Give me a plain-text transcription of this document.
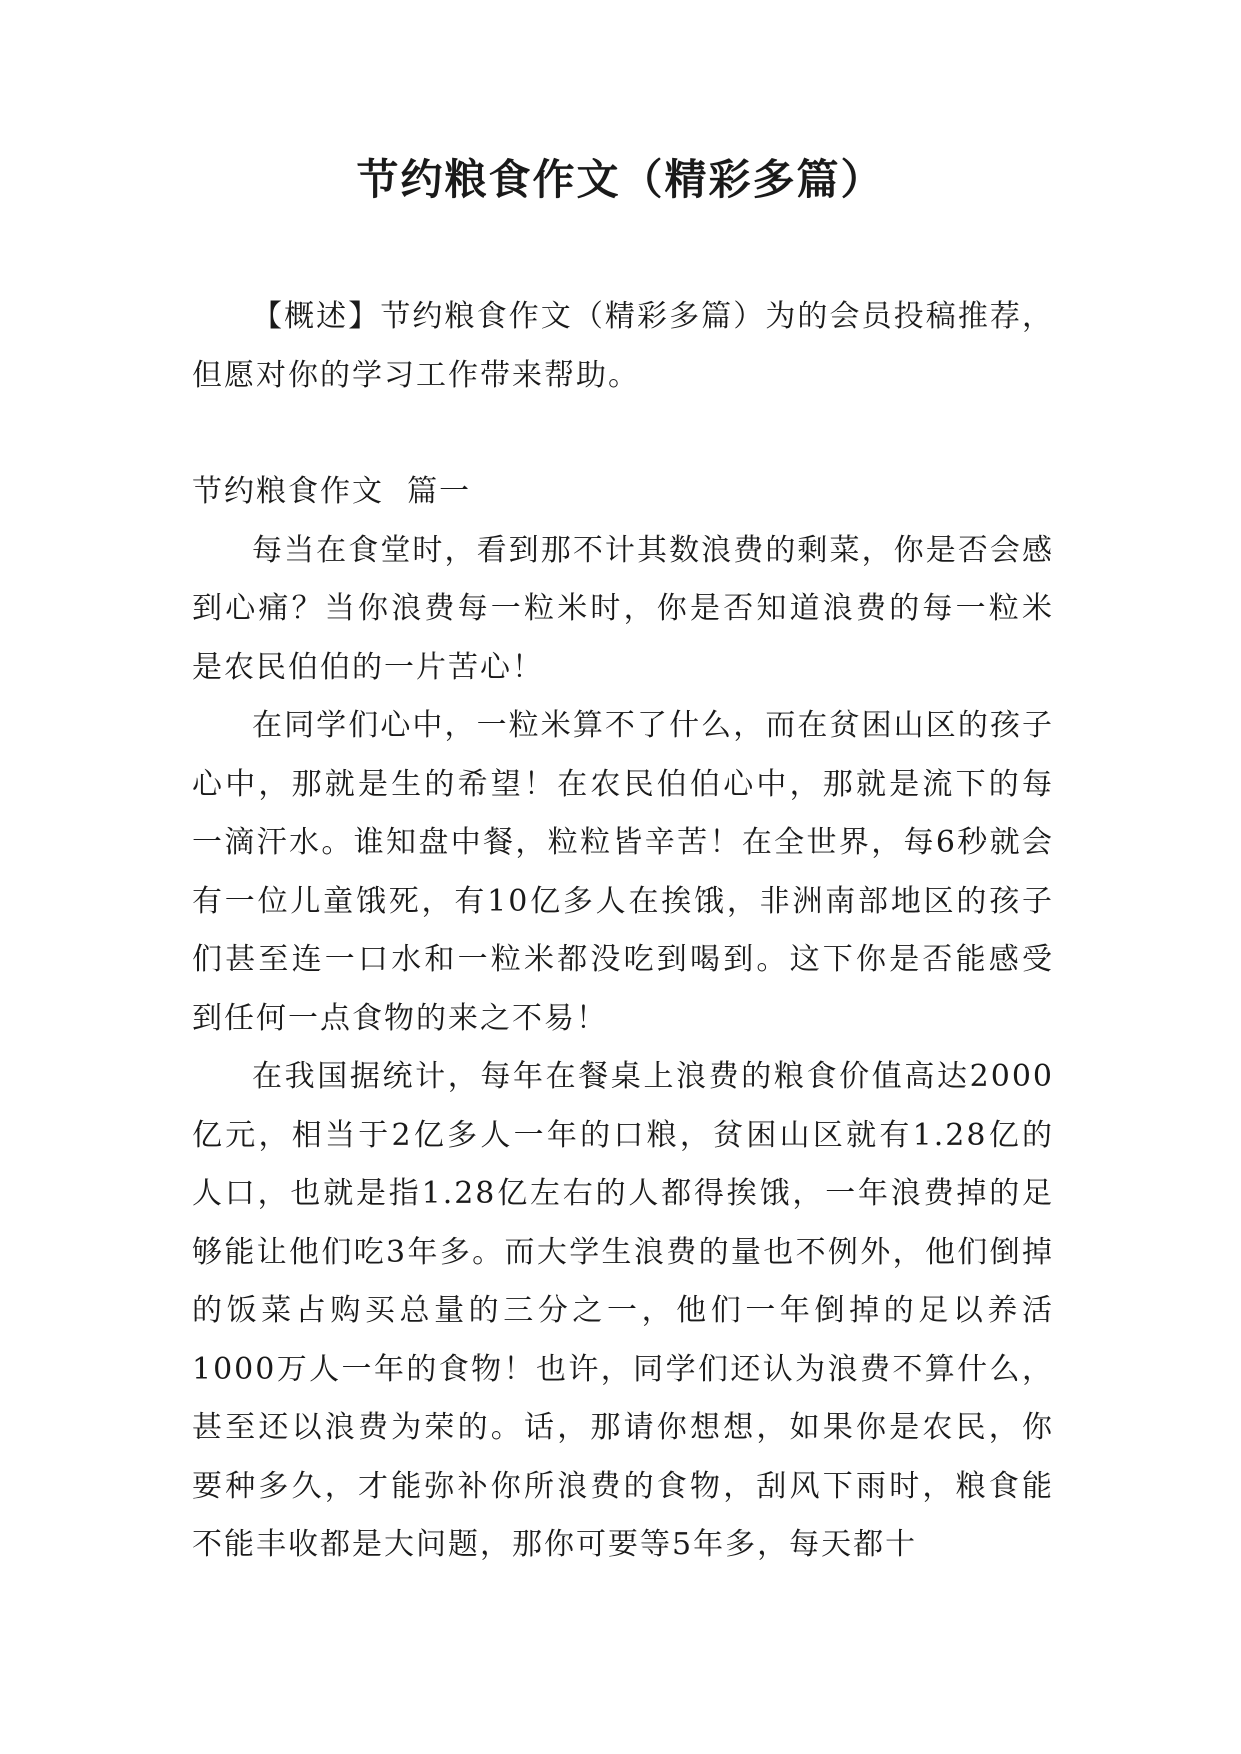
节约粮食作文（精彩多篇）

【概述】节约粮食作文（精彩多篇）为的会员投稿推荐，但愿对你的学习工作带来帮助。

节约粮食作文  篇一

每当在食堂时，看到那不计其数浪费的剩菜，你是否会感到心痛？当你浪费每一粒米时，你是否知道浪费的每一粒米是农民伯伯的一片苦心！

在同学们心中，一粒米算不了什么，而在贫困山区的孩子心中，那就是生的希望！在农民伯伯心中，那就是流下的每一滴汗水。谁知盘中餐，粒粒皆辛苦！在全世界，每6秒就会有一位儿童饿死，有10亿多人在挨饿，非洲南部地区的孩子们甚至连一口水和一粒米都没吃到喝到。这下你是否能感受到任何一点食物的来之不易！

在我国据统计，每年在餐桌上浪费的粮食价值高达2000亿元，相当于2亿多人一年的口粮，贫困山区就有1.28亿的人口，也就是指1.28亿左右的人都得挨饿，一年浪费掉的足够能让他们吃3年多。而大学生浪费的量也不例外，他们倒掉的饭菜占购买总量的三分之一，他们一年倒掉的足以养活1000万人一年的食物！也许，同学们还认为浪费不算什么，甚至还以浪费为荣的。话，那请你想想，如果你是农民，你要种多久，才能弥补你所浪费的食物，刮风下雨时，粮食能不能丰收都是大问题，那你可要等5年多，每天都十
